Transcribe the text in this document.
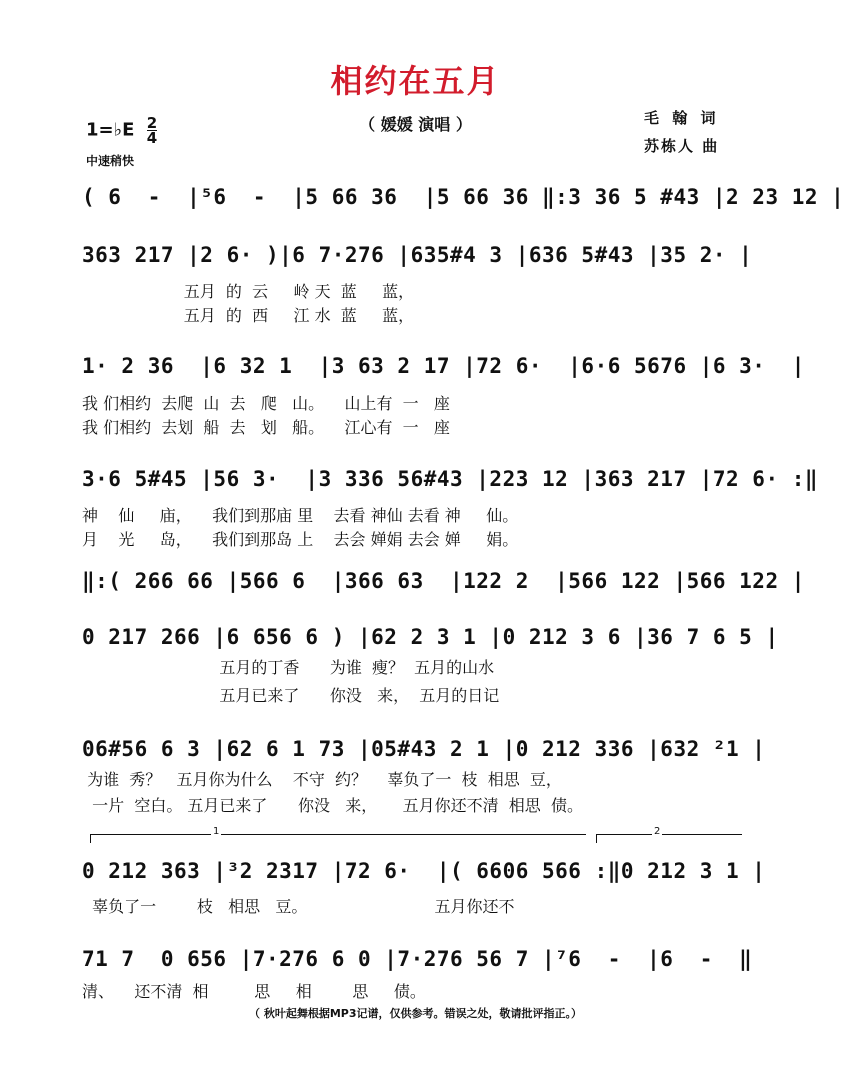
相约在五月
（ 媛媛 演唱 ）
1=♭E $\frac{2}{4}$
中速稍快
毛 翰 词
苏栋人 曲
( 6  -  |⁵6  -  |5 66 36  |5 66 36 ‖:3 36 5 #43 |2 23 12 |
363 217 |2 6· )|6 7·276 |635#4 3 |636 5#43 |35 2· |
五月  的  云     岭 天  蓝     蓝，
五月  的  西     江 水  蓝     蓝，
1· 2 36  |6 32 1  |3 63 2 17 |72 6·  |6·6 5676 |6 3·  |
我 们相约  去爬  山  去   爬   山。    山上有  一   座
我 们相约  去划  船  去   划   船。    江心有  一   座
3·6 5#45 |56 3·  |3 336 56#43 |223 12 |363 217 |72 6· :‖
神    仙     庙，    我们到那庙 里    去看 神仙 去看 神     仙。
月    光     岛，    我们到那岛 上    去会 婵娟 去会 婵     娟。
‖:( 266 66 |566 6  |366 63  |122 2  |566 122 |566 122 |
0 217 266 |6 656 6 ) |62 2 3 1 |0 212 3 6 |36 7 6 5 |
五月的丁香      为谁  瘦？  五月的山水
五月已来了      你没   来，  五月的日记
06#56 6 3 |62 6 1 73 |05#43 2 1 |0 212 336 |632 ²1 |
为谁  秀？   五月你为什么    不守  约？    辜负了一  枝  相思  豆，
一片  空白。 五月已来了      你没   来，     五月你还不清  相思  债。
1	2
0 212 363 |³2 2317 |72 6·  |( 6606 566 :‖0 212 3 1 |
辜负了一        枝   相思   豆。                         五月你还不
71 7  0 656 |7·276 6 0 |7·276 56 7 |⁷6  -  |6  -  ‖
清、    还不清  相         思     相        思     债。
（ 秋叶起舞根据MP3记谱，仅供参考。错误之处，敬请批评指正。）
